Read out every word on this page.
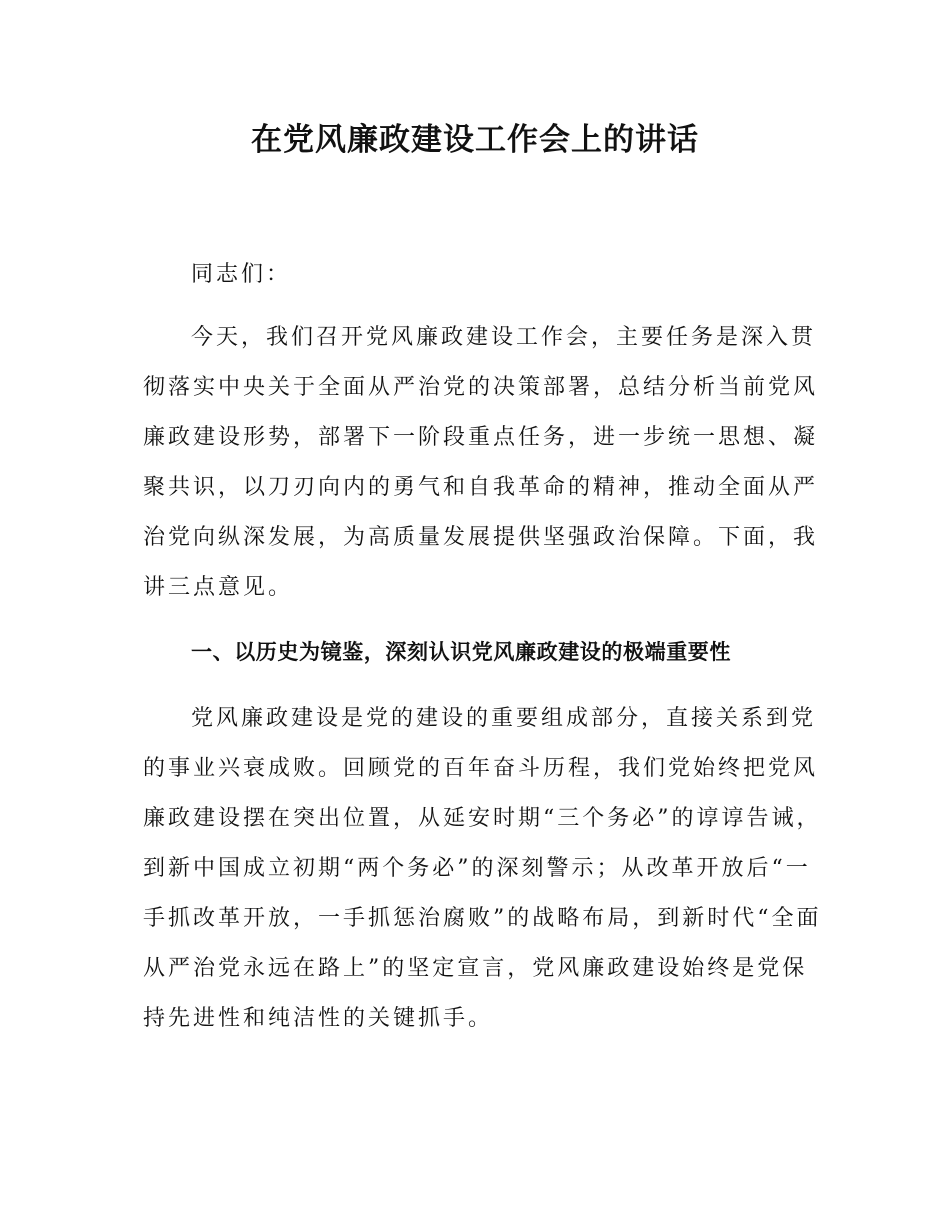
在党风廉政建设工作会上的讲话

同志们：

今天，我们召开党风廉政建设工作会，主要任务是深入贯彻落实中央关于全面从严治党的决策部署，总结分析当前党风廉政建设形势，部署下一阶段重点任务，进一步统一思想、凝聚共识，以刀刃向内的勇气和自我革命的精神，推动全面从严治党向纵深发展，为高质量发展提供坚强政治保障。下面，我讲三点意见。

一、以历史为镜鉴，深刻认识党风廉政建设的极端重要性

党风廉政建设是党的建设的重要组成部分，直接关系到党的事业兴衰成败。回顾党的百年奋斗历程，我们党始终把党风廉政建设摆在突出位置，从延安时期“三个务必”的谆谆告诫，到新中国成立初期“两个务必”的深刻警示；从改革开放后“一手抓改革开放，一手抓惩治腐败”的战略布局，到新时代“全面从严治党永远在路上”的坚定宣言，党风廉政建设始终是党保持先进性和纯洁性的关键抓手。
